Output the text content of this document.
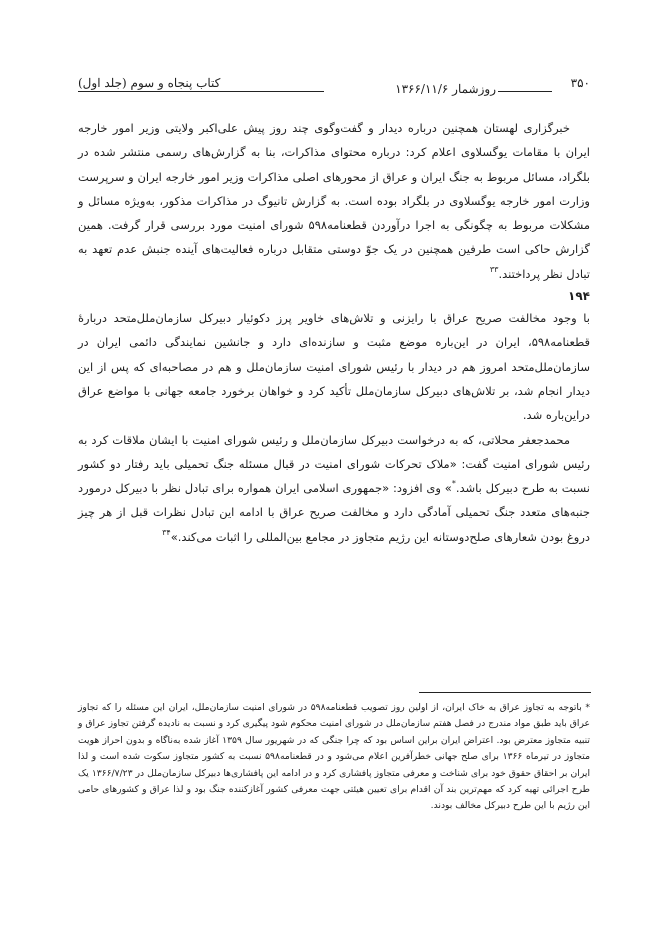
۳۵۰
روزشمار ۱۳۶۶/۱۱/۶
کتاب پنجاه و سوم (جلد اول)

خبرگزاری لهستان همچنین درباره دیدار و گفت‌وگوی چند روز پیش علی‌اکبر ولایتی وزیر امور خارجه ایران با مقامات یوگسلاوی اعلام کرد: درباره محتوای مذاکرات، بنا به گزارش‌های رسمی منتشر شده در بلگراد، مسائل مربوط به جنگ ایران و عراق از محورهای اصلی مذاکرات وزیر امور خارجه ایران و سرپرست وزارت امور خارجه یوگسلاوی در بلگراد بوده است. به گزارش تانیوگ در مذاکرات مذکور، به‌ویژه مسائل و مشکلات مربوط به چگونگی به اجرا درآوردن قطعنامه۵۹۸ شورای امنیت مورد بررسی قرار گرفت. همین گزارش حاکی است طرفین همچنین در یک جوّ دوستی متقابل درباره فعالیت‌های آینده جنبش عدم تعهد به تبادل نظر پرداختند.$^{۳۳}$

۱۹۴

با وجود مخالفت صریح عراق با رایزنی و تلاش‌های خاویر پرز دکوئیار دبیرکل سازمان‌ملل‌متحد دربارۀ قطعنامه۵۹۸، ایران در این‌باره موضع مثبت و سازنده‌ای دارد و جانشین نمایندگی دائمی ایران در سازمان‌ملل‌متحد امروز هم در دیدار با رئیس شورای امنیت سازمان‌ملل و هم در مصاحبه‌ای که پس از این دیدار انجام شد، بر تلاش‌های دبیرکل سازمان‌ملل تأکید کرد و خواهان برخورد جامعه جهانی با مواضع عراق دراین‌باره شد.

محمدجعفر محلاتی، که به درخواست دبیرکل سازمان‌ملل و رئیس شورای امنیت با ایشان ملاقات کرد به رئیس شورای امنیت گفت: «ملاک تحرکات شورای امنیت در قبال مسئله جنگ تحمیلی باید رفتار دو کشور نسبت به طرح دبیرکل باشد.*» وی افزود: «جمهوری اسلامی ایران همواره برای تبادل نظر با دبیرکل درمورد جنبه‌های متعدد جنگ تحمیلی آمادگی دارد و مخالفت صریح عراق با ادامه این تبادل نظرات قبل از هر چیز دروغ بودن شعارهای صلح‌دوستانه این رژیم متجاوز در مجامع بین‌المللی را اثبات می‌کند.»$^{۳۴}$

* باتوجه به تجاوز عراق به خاک ایران، از اولین روز تصویب قطعنامه۵۹۸ در شورای امنیت سازمان‌ملل، ایران این مسئله را که تجاوز عراق باید طبق مواد مندرج در فصل هفتم سازمان‌ملل در شورای امنیت محکوم شود پیگیری کرد و نسبت به نادیده گرفتن تجاوز عراق و تنبیه متجاوز معترض بود. اعتراض ایران براین اساس بود که چرا جنگی که در شهریور سال ۱۳۵۹ آغاز شده به‌ناگاه و بدون احراز هویت متجاوز در تیرماه ۱۳۶۶ برای صلح جهانی خطرآفرین اعلام می‌شود و در قطعنامه۵۹۸ نسبت به کشور متجاوز سکوت شده است و لذا ایران بر احقاق حقوق خود برای شناخت و معرفی متجاوز پافشاری کرد و در ادامه این پافشاری‌ها دبیرکل سازمان‌ملل در ۱۳۶۶/۷/۲۳ یک طرح اجرائی تهیه کرد که مهم‌ترین بند آن اقدام برای تعیین هیئتی جهت معرفی کشور آغازکننده جنگ بود و لذا عراق و کشورهای حامی این رژیم با این طرح دبیرکل مخالف بودند.
